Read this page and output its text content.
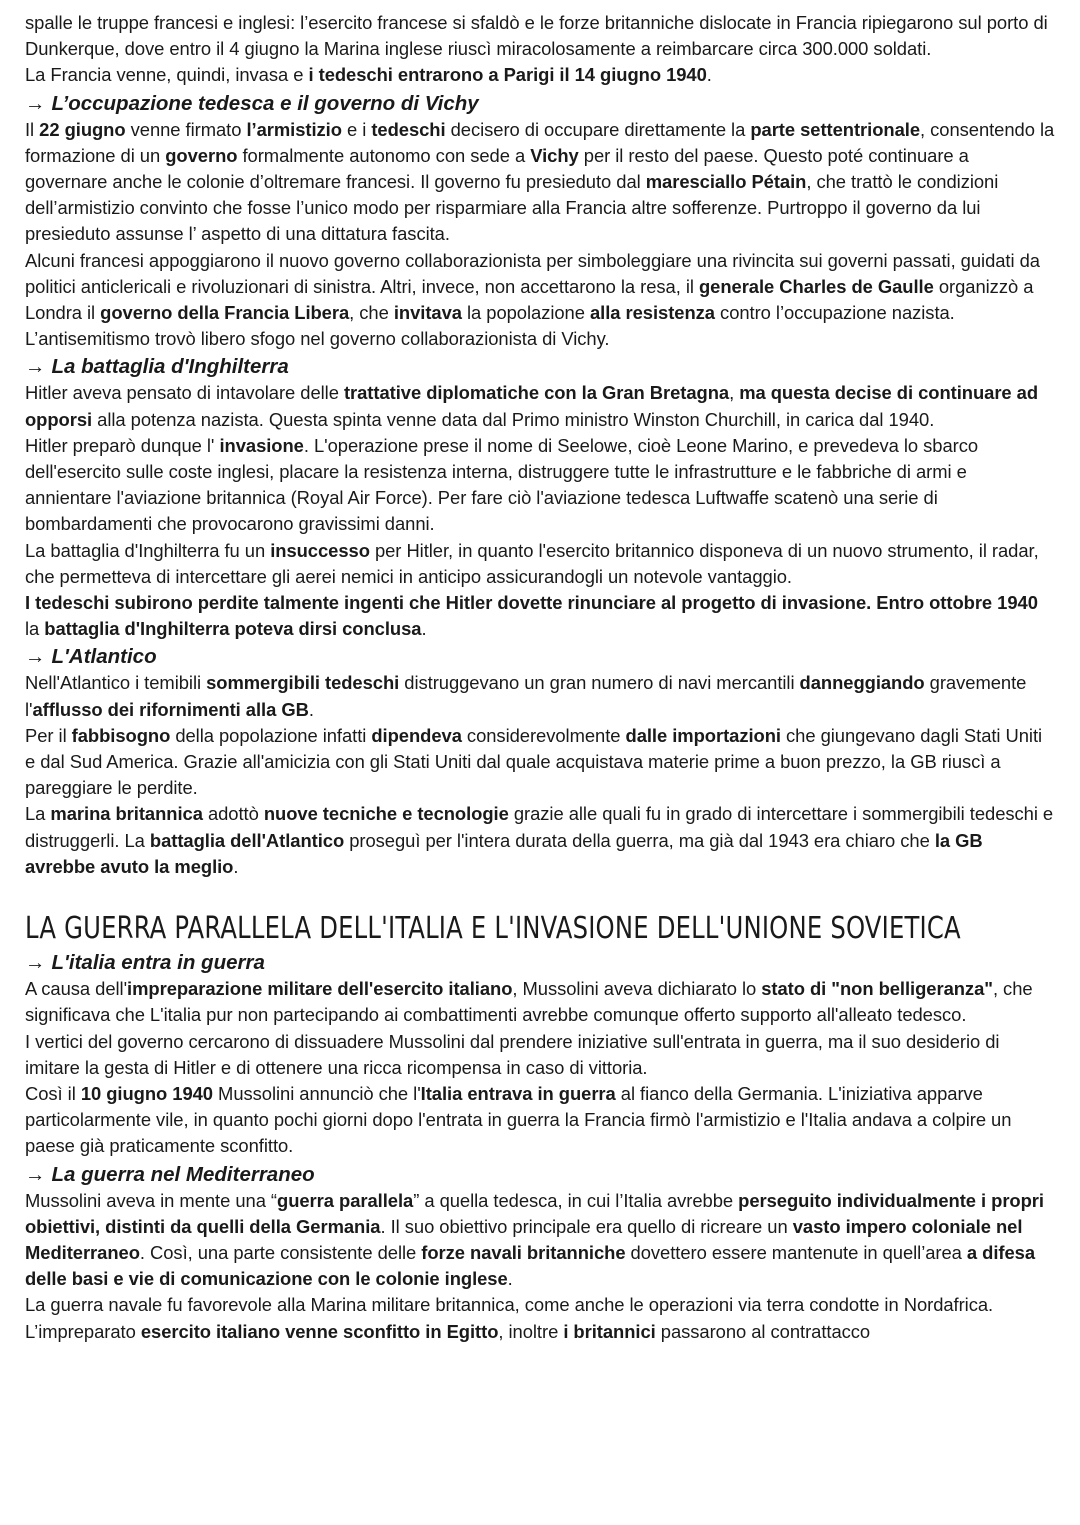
spalle le truppe francesi e inglesi: l’esercito francese si sfaldò e le forze britanniche dislocate in Francia ripiegarono sul porto di Dunkerque, dove entro il 4 giugno la Marina inglese riuscì miracolosamente a reimbarcare circa 300.000 soldati.

La Francia venne, quindi, invasa e i tedeschi entrarono a Parigi il 14 giugno 1940.

→ L’occupazione tedesca e il governo di Vichy

Il 22 giugno venne firmato l’armistizio e i tedeschi decisero di occupare direttamente la parte settentrionale, consentendo la formazione di un governo formalmente autonomo con sede a Vichy per il resto del paese. Questo poté continuare a governare anche le colonie d’oltremare francesi. Il governo fu presieduto dal maresciallo Pétain, che trattò le condizioni dell’armistizio convinto che fosse l’unico modo per risparmiare alla Francia altre sofferenze. Purtroppo il governo da lui presieduto assunse l’ aspetto di una dittatura fascita.

Alcuni francesi appoggiarono il nuovo governo collaborazionista per simboleggiare una rivincita sui governi passati, guidati da politici anticlericali e rivoluzionari di sinistra. Altri, invece, non accettarono la resa, il generale Charles de Gaulle organizzò a Londra il governo della Francia Libera, che invitava la popolazione alla resistenza contro l’occupazione nazista.

L’antisemitismo trovò libero sfogo nel governo collaborazionista di Vichy.

→ La battaglia d'Inghilterra

Hitler aveva pensato di intavolare delle trattative diplomatiche con la Gran Bretagna, ma questa decise di continuare ad opporsi alla potenza nazista. Questa spinta venne data dal Primo ministro Winston Churchill, in carica dal 1940.

Hitler preparò dunque l' invasione. L'operazione prese il nome di Seelowe, cioè Leone Marino, e prevedeva lo sbarco dell'esercito sulle coste inglesi, placare la resistenza interna, distruggere tutte le infrastrutture e le fabbriche di armi e annientare l'aviazione britannica (Royal Air Force). Per fare ciò l'aviazione tedesca Luftwaffe scatenò una serie di bombardamenti che provocarono gravissimi danni.

La battaglia d'Inghilterra fu un insuccesso per Hitler, in quanto l'esercito britannico disponeva di un nuovo strumento, il radar, che permetteva di intercettare gli aerei nemici in anticipo assicurandogli un notevole vantaggio.

I tedeschi subirono perdite talmente ingenti che Hitler dovette rinunciare al progetto di invasione. Entro ottobre 1940 la battaglia d'Inghilterra poteva dirsi conclusa.

→ L'Atlantico

Nell'Atlantico i temibili sommergibili tedeschi distruggevano un gran numero di navi mercantili danneggiando gravemente l'afflusso dei rifornimenti alla GB.

Per il fabbisogno della popolazione infatti dipendeva considerevolmente dalle importazioni che giungevano dagli Stati Uniti e dal Sud America. Grazie all'amicizia con gli Stati Uniti dal quale acquistava materie prime a buon prezzo, la GB riuscì a pareggiare le perdite.

La marina britannica adottò nuove tecniche e tecnologie grazie alle quali fu in grado di intercettare i sommergibili tedeschi e distruggerli. La battaglia dell'Atlantico proseguì per l'intera durata della guerra, ma già dal 1943 era chiaro che la GB avrebbe avuto la meglio.

LA GUERRA PARALLELA DELL'ITALIA E L'INVASIONE DELL'UNIONE SOVIETICA
→ L'italia entra in guerra

A causa dell'impreparazione militare dell'esercito italiano, Mussolini aveva dichiarato lo stato di "non belligeranza", che significava che L'italia pur non partecipando ai combattimenti avrebbe comunque offerto supporto all'alleato tedesco.

I vertici del governo cercarono di dissuadere Mussolini dal prendere iniziative sull'entrata in guerra, ma il suo desiderio di imitare la gesta di Hitler e di ottenere una ricca ricompensa in caso di vittoria.

Così il 10 giugno 1940 Mussolini annunciò che l'Italia entrava in guerra al fianco della Germania. L'iniziativa apparve particolarmente vile, in quanto pochi giorni dopo l'entrata in guerra la Francia firmò l'armistizio e l'Italia andava a colpire un paese già praticamente sconfitto.

→ La guerra nel Mediterraneo

Mussolini aveva in mente una “guerra parallela” a quella tedesca, in cui l’Italia avrebbe perseguito individualmente i propri obiettivi, distinti da quelli della Germania. Il suo obiettivo principale era quello di ricreare un vasto impero coloniale nel Mediterraneo. Così, una parte consistente delle forze navali britanniche dovettero essere mantenute in quell’area a difesa delle basi e vie di comunicazione con le colonie inglese.

La guerra navale fu favorevole alla Marina militare britannica, come anche le operazioni via terra condotte in Nordafrica. L’impreparato esercito italiano venne sconfitto in Egitto, inoltre i britannici passarono al contrattacco
